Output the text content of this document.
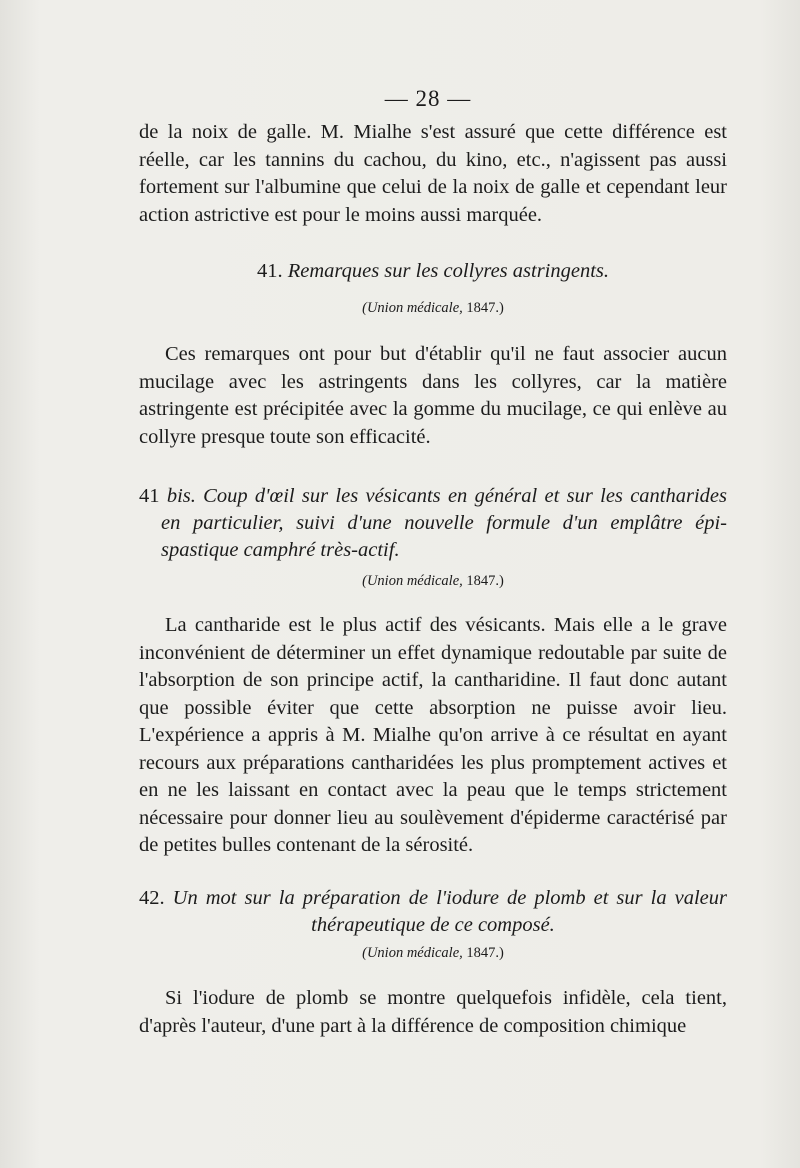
— 28 —

de la noix de galle. M. Mialhe s'est assuré que cette différence est réelle, car les tannins du cachou, du kino, etc., n'agissent pas aussi fortement sur l'albumine que celui de la noix de galle et cependant leur action astrictive est pour le moins aussi marquée.

41. Remarques sur les collyres astringents.
(Union médicale, 1847.)

Ces remarques ont pour but d'établir qu'il ne faut associer aucun mucilage avec les astringents dans les collyres, car la matière astringente est précipitée avec la gomme du mucilage, ce qui enlève au collyre presque toute son efficacité.

41 bis. Coup d'œil sur les vésicants en général et sur les cantharides
en particulier, suivi d'une nouvelle formule d'un emplâtre épi-
spastique camphré très-actif.
(Union médicale, 1847.)

La cantharide est le plus actif des vésicants. Mais elle a le grave inconvénient de déterminer un effet dynamique redoutable par suite de l'absorption de son principe actif, la cantharidine. Il faut donc autant que possible éviter que cette absorption ne puisse avoir lieu. L'expérience a appris à M. Mialhe qu'on arrive à ce résultat en ayant recours aux préparations cantharidées les plus promptement actives et en ne les laissant en contact avec la peau que le temps strictement nécessaire pour donner lieu au soulèvement d'épiderme caractérisé par de petites bulles contenant de la sérosité.

42. Un mot sur la préparation de l'iodure de plomb et sur la valeur
thérapeutique de ce composé.
(Union médicale, 1847.)

Si l'iodure de plomb se montre quelquefois infidèle, cela tient, d'après l'auteur, d'une part à la différence de composition chimique
